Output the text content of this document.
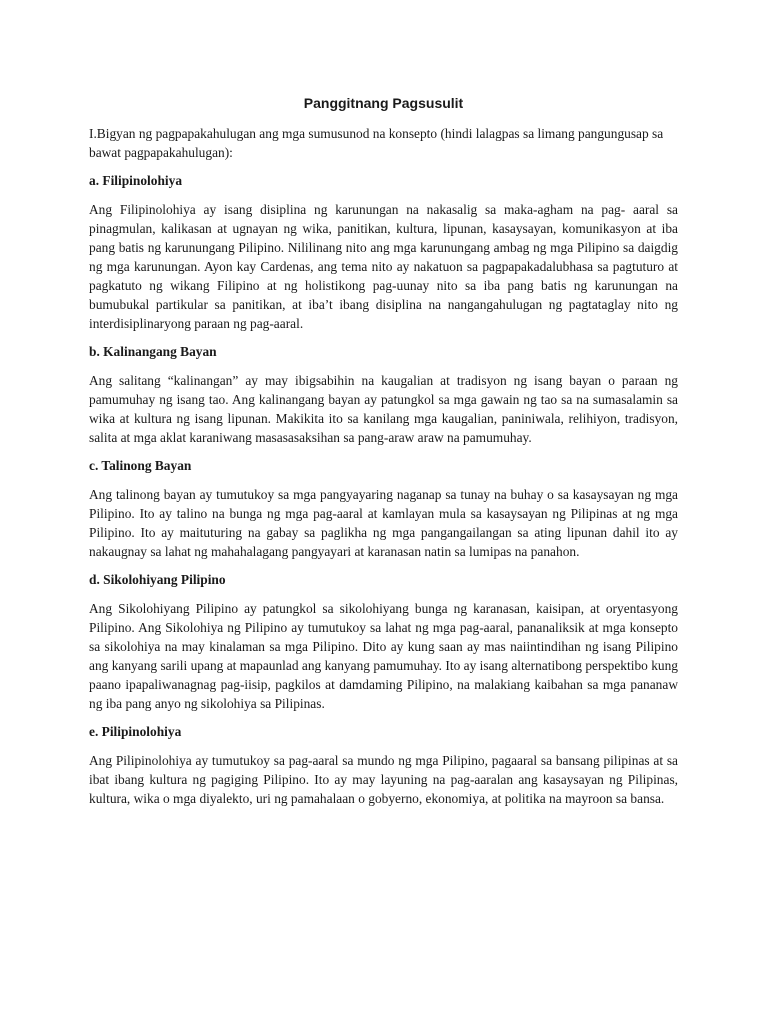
Panggitnang Pagsusulit

I.Bigyan ng pagpapakahulugan ang mga sumusunod na konsepto (hindi lalagpas sa limang pangungusap sa bawat pagpapakahulugan):

a. Filipinolohiya

Ang Filipinolohiya ay isang disiplina ng karunungan na nakasalig sa maka-agham na pag- aaral sa pinagmulan, kalikasan at ugnayan ng wika, panitikan, kultura, lipunan, kasaysayan, komunikasyon at iba pang batis ng karunungang Pilipino. Nililinang nito ang mga karunungang ambag ng mga Pilipino sa daigdig ng mga karunungan. Ayon kay Cardenas, ang tema nito ay nakatuon sa pagpapakadalubhasa sa pagtuturo at pagkatuto ng wikang Filipino at ng holistikong pag-uunay nito sa iba pang batis ng karunungan na bumubukal partikular sa panitikan, at iba’t ibang disiplina na nangangahulugan ng pagtataglay nito ng interdisiplinaryong paraan ng pag-aaral.

b. Kalinangang Bayan

Ang salitang “kalinangan” ay may ibigsabihin na kaugalian at tradisyon ng isang bayan o paraan ng pamumuhay ng isang tao. Ang kalinangang bayan ay patungkol sa mga gawain ng tao sa na sumasalamin sa wika at kultura ng isang lipunan. Makikita ito sa kanilang mga kaugalian, paniniwala, relihiyon, tradisyon, salita at mga aklat karaniwang masasasaksihan sa pang-araw araw na pamumuhay.

c. Talinong Bayan

Ang talinong bayan ay tumutukoy sa mga pangyayaring naganap sa tunay na buhay o sa kasaysayan ng mga Pilipino. Ito ay talino na bunga ng mga pag-aaral at kamlayan mula sa kasaysayan ng Pilipinas at ng mga Pilipino. Ito ay maituturing na gabay sa paglikha ng mga pangangailangan sa ating lipunan dahil ito ay nakaugnay sa lahat ng mahahalagang pangyayari at karanasan natin sa lumipas na panahon.

d. Sikolohiyang Pilipino

Ang Sikolohiyang Pilipino ay patungkol sa sikolohiyang bunga ng karanasan, kaisipan, at oryentasyong Pilipino. Ang Sikolohiya ng Pilipino ay tumutukoy sa lahat ng mga pag-aaral, pananaliksik at mga konsepto sa sikolohiya na may kinalaman sa mga Pilipino. Dito ay kung saan ay mas naiintindihan ng isang Pilipino ang kanyang sarili upang at mapaunlad ang kanyang pamumuhay. Ito ay isang alternatibong perspektibo kung paano ipapaliwanagnag pag-iisip, pagkilos at damdaming Pilipino, na malakiang kaibahan sa mga pananaw ng iba pang anyo ng sikolohiya sa Pilipinas.

e. Pilipinolohiya

Ang Pilipinolohiya ay tumutukoy sa pag-aaral sa mundo ng mga Pilipino, pagaaral sa bansang pilipinas at sa ibat ibang kultura ng pagiging Pilipino. Ito ay may layuning na pag-aaralan ang kasaysayan ng Pilipinas, kultura, wika o mga diyalekto, uri ng pamahalaan o gobyerno, ekonomiya, at politika na mayroon sa bansa.
